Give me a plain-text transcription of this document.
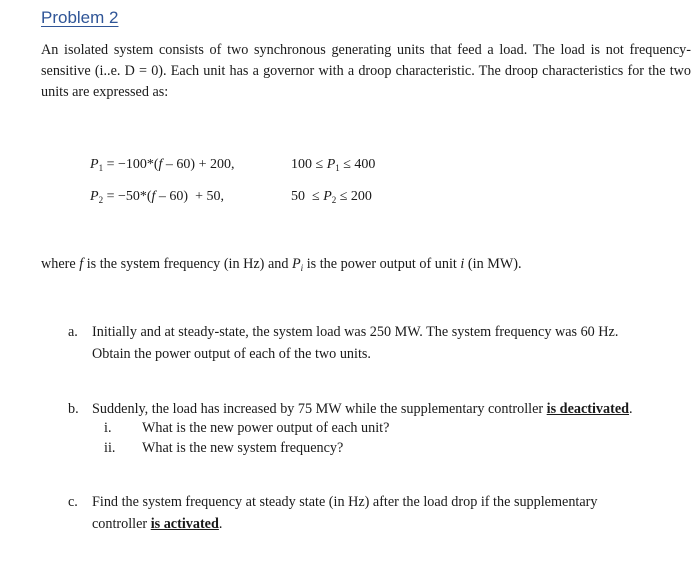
Problem 2

An isolated system consists of two synchronous generating units that feed a load. The load is not frequency-sensitive (i..e. D = 0). Each unit has a governor with a droop characteristic. The droop characteristics for the two units are expressed as:

$P_1 = -100*(f - 60) + 200$,	$100 \le P_1 \le 400$
$P_2 = -50*(f - 60) + 50$,	$50 \le P_2 \le 200$
where f is the system frequency (in Hz) and $P_i$ is the power output of unit i (in MW).
a. Initially and at steady-state, the system load was 250 MW. The system frequency was 60 Hz.
Obtain the power output of each of the two units.
b. Suddenly, the load has increased by 75 MW while the supplementary controller is deactivated.
i. What is the new power output of each unit?
ii. What is the new system frequency?
c. Find the system frequency at steady state (in Hz) after the load drop if the supplementary
controller is activated.
